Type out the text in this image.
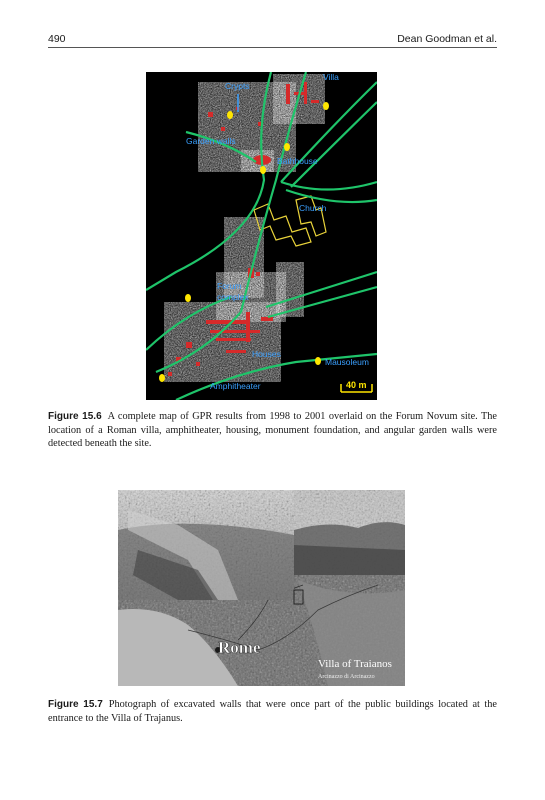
490	Dean Goodman et al.
Villa
Crypts
Garden walls
Bathhouse
Church
Forum
complex
Houses
Mausoleum
Amphitheater	40 m
Figure 15.6 A complete map of GPR results from 1998 to 2001 overlaid on the Forum Novum site. The location of a Roman villa, amphitheater, housing, monument foundation, and angular garden walls were detected beneath the site.
Rome
Villa of Traianos
Arcinazzo di Arcinazzo
Figure 15.7 Photograph of excavated walls that were once part of the public buildings located at the entrance to the Villa of Trajanus.
